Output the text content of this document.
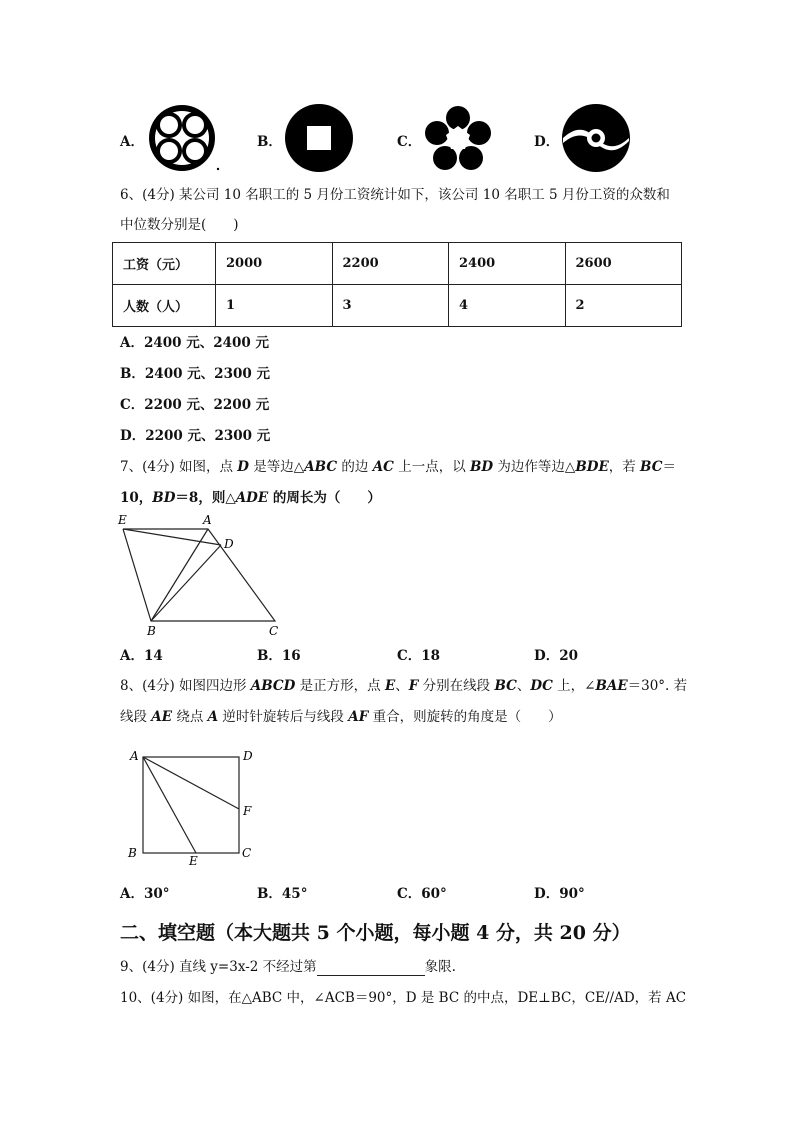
A．	B．	C．	D．
6、(4分) 某公司 10 名职工的 5 月份工资统计如下，该公司 10 名职工 5 月份工资的众数和
中位数分别是(　　)
工资（元）	2000	2200	2400	2600
人数（人）	1	3	4	2
A．2400 元、2400 元
B．2400 元、2300 元
C．2200 元、2200 元
D．2200 元、2300 元
7、(4分) 如图，点 D 是等边△ABC 的边 AC 上一点，以 BD 为边作等边△BDE，若 BC＝
10，BD＝8，则△ADE 的周长为（　　）
E	A
D
B	C
A．14	B．16	C．18	D．20
8、(4分) 如图四边形 ABCD 是正方形，点 E、F 分别在线段 BC、DC 上，∠BAE＝30°. 若
线段 AE 绕点 A 逆时针旋转后与线段 AF 重合，则旋转的角度是（　　）
A	D
F
B
E
C
A．30°	B．45°	C．60°	D．90°
二、填空题（本大题共 5 个小题，每小题 4 分，共 20 分）
9、(4分) 直线 y=3x-2 不经过第	象限.
10、(4分) 如图，在△ABC 中，∠ACB＝90°，D 是 BC 的中点，DE⊥BC，CE//AD，若 AC
